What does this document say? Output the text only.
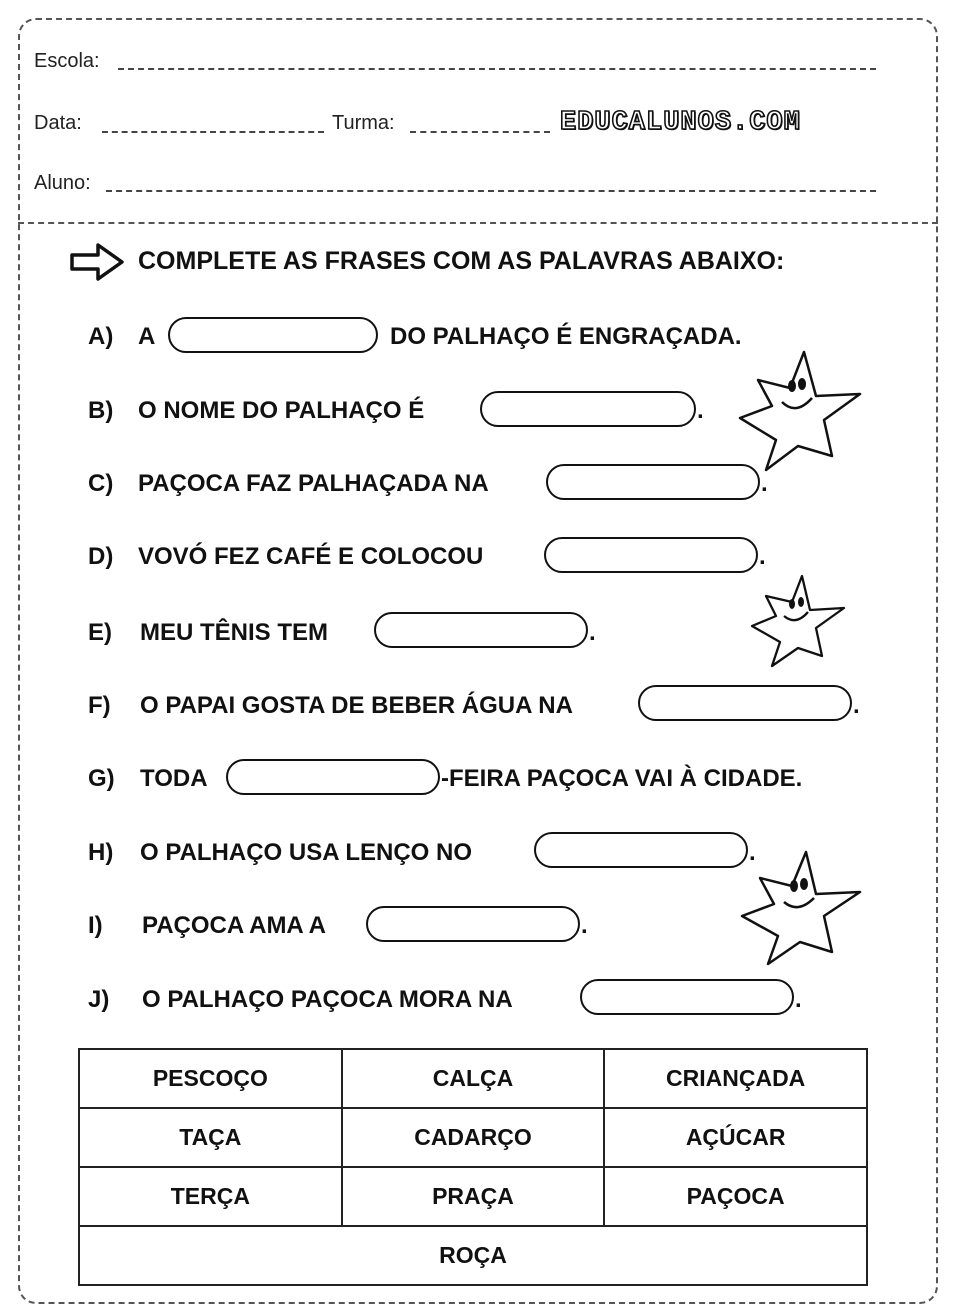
Escola:
Data:	Turma:	EDUCALUNOS.COM
Aluno:
COMPLETE AS FRASES COM AS PALAVRAS ABAIXO:
A) A	DO PALHAÇO É ENGRAÇADA.
B) O NOME DO PALHAÇO É	.
C) PAÇOCA FAZ PALHAÇADA NA	.
D) VOVÓ FEZ CAFÉ E COLOCOU	.
E) MEU TÊNIS TEM	.
F) O PAPAI GOSTA DE BEBER ÁGUA NA	.
G) TODA	-FEIRA PAÇOCA VAI À CIDADE.
H) O PALHAÇO USA LENÇO NO	.
I) PAÇOCA AMA A	.
J) O PALHAÇO PAÇOCA MORA NA	.
PESCOÇO	CALÇA	CRIANÇADA
TAÇA	CADARÇO	AÇÚCAR
TERÇA	PRAÇA	PAÇOCA
ROÇA		
